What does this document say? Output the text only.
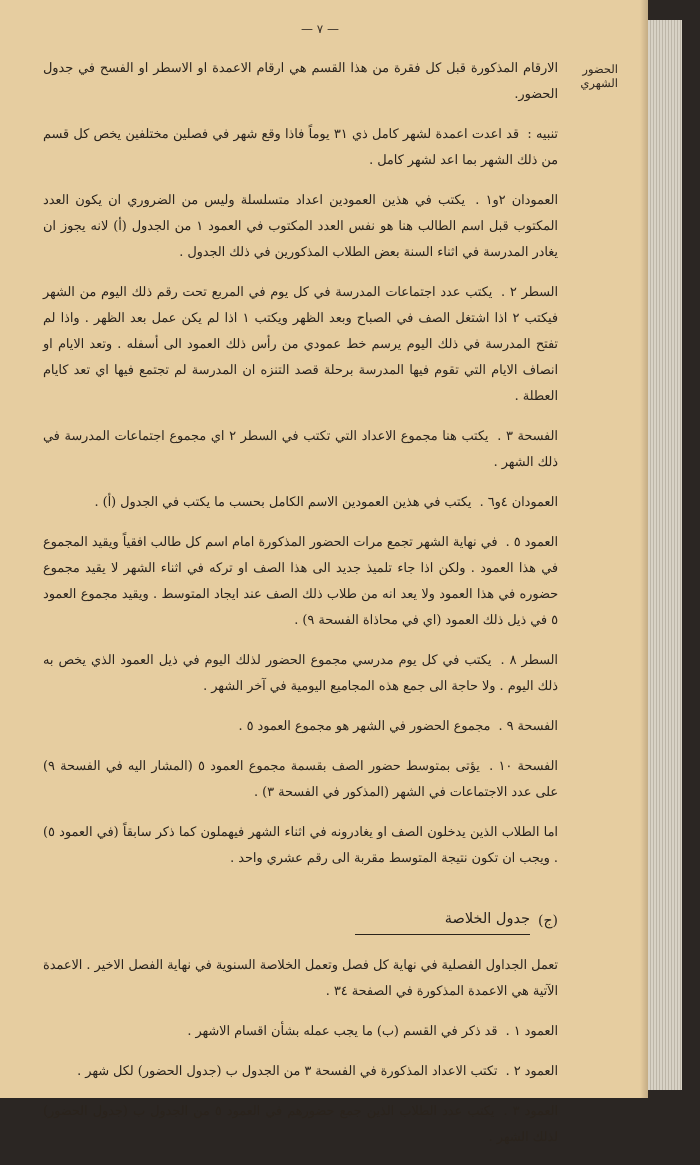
— ٧ —
الحضور الشهري

الارقام المذكورة قبل كل فقرة من هذا القسم هي ارقام الاعمدة او الاسطر او الفسح في جدول الحضور.

تنبيه : قد اعدت اعمدة لشهر كامل ذي ٣١ يوماً فاذا وقع شهر في فصلين مختلفين يخص كل قسم من ذلك الشهر بما اعد لشهر كامل .

العمودان ٢و١ . يكتب في هذين العمودين اعداد متسلسلة وليس من الضروري ان يكون العدد المكتوب قبل اسم الطالب هنا هو نفس العدد المكتوب في العمود ١ من الجدول (أ) لانه يجوز ان يغادر المدرسة في اثناء السنة بعض الطلاب المذكورين في ذلك الجدول .

السطر ٢ . يكتب عدد اجتماعات المدرسة في كل يوم في المربع تحت رقم ذلك اليوم من الشهر فيكتب ٢ اذا اشتغل الصف في الصباح وبعد الظهر ويكتب ١ اذا لم يكن عمل بعد الظهر . واذا لم تفتح المدرسة في ذلك اليوم يرسم خط عمودي من رأس ذلك العمود الى أسفله . وتعد الايام او انصاف الايام التي تقوم فيها المدرسة برحلة قصد التنزه ان المدرسة لم تجتمع فيها اي تعد كايام العطلة .

الفسحة ٣ . يكتب هنا مجموع الاعداد التي تكتب في السطر ٢ اي مجموع اجتماعات المدرسة في ذلك الشهر .

العمودان ٤و٦ . يكتب في هذين العمودين الاسم الكامل بحسب ما يكتب في الجدول (أ) .

العمود ٥ . في نهاية الشهر تجمع مرات الحضور المذكورة امام اسم كل طالب افقياً ويقيد المجموع في هذا العمود . ولكن اذا جاء تلميذ جديد الى هذا الصف او تركه في اثناء الشهر لا يقيد مجموع حضوره في هذا العمود ولا يعد انه من طلاب ذلك الصف عند ايجاد المتوسط . ويقيد مجموع العمود ٥ في ذيل ذلك العمود (اي في محاذاة الفسحة ٩) .

السطر ٨ . يكتب في كل يوم مدرسي مجموع الحضور لذلك اليوم في ذيل العمود الذي يخص به ذلك اليوم . ولا حاجة الى جمع هذه المجاميع اليومية في آخر الشهر .

الفسحة ٩ . مجموع الحضور في الشهر هو مجموع العمود ٥ .

الفسحة ١٠ . يؤتى بمتوسط حضور الصف بقسمة مجموع العمود ٥ (المشار اليه في الفسحة ٩) على عدد الاجتماعات في الشهر (المذكور في الفسحة ٣) .

اما الطلاب الذين يدخلون الصف او يغادرونه في اثناء الشهر فيهملون كما ذكر سابقاً (في العمود ٥) . ويجب ان تكون نتيجة المتوسط مقربة الى رقم عشري واحد .

(ج)
جدول الخلاصة

تعمل الجداول الفصلية في نهاية كل فصل وتعمل الخلاصة السنوية في نهاية الفصل الاخير . الاعمدة الآتية هي الاعمدة المذكورة في الصفحة ٣٤ .

العمود ١ . قد ذكر في القسم (ب) ما يجب عمله بشأن اقسام الاشهر .

العمود ٢ . تكتب الاعداد المذكورة في الفسحة ٣ من الجدول ب (جدول الحضور) لكل شهر .

العمود ٣ . يكتب عدد الطلاب الذين جمع حضورهم في العمود ٥ من الجدول ب (جدول الحضور) لذلك الشهر .
